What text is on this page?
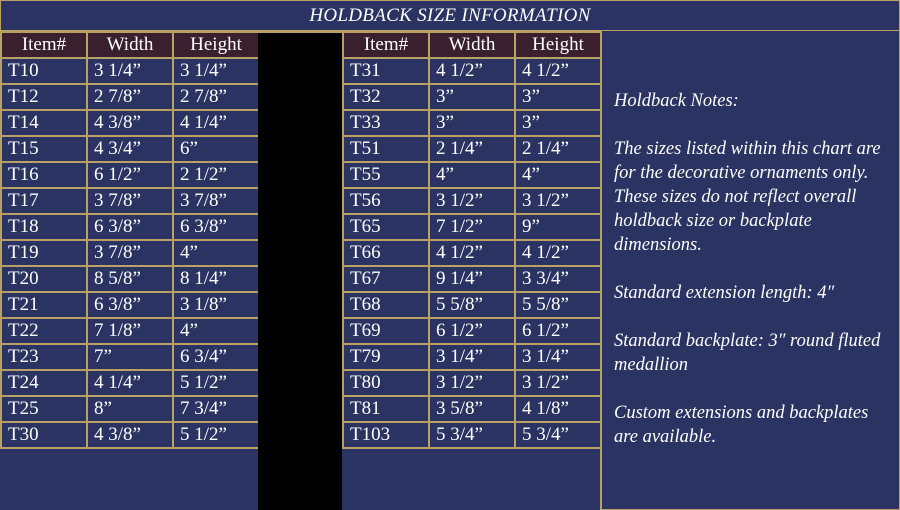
HOLDBACK SIZE INFORMATION
Item#	Width	Height
T10	3 1/4”	3 1/4”
T12	2 7/8”	2 7/8”
T14	4 3/8”	4 1/4”
T15	4 3/4”	6”
T16	6 1/2”	2 1/2”
T17	3 7/8”	3 7/8”
T18	6 3/8”	6 3/8”
T19	3 7/8”	4”
T20	8 5/8”	8 1/4”
T21	6 3/8”	3 1/8”
T22	7 1/8”	4”
T23	7”	6 3/4”
T24	4 1/4”	5 1/2”
T25	8”	7 3/4”
T30	4 3/8”	5 1/2”
Item#	Width	Height
T31	4 1/2”	4 1/2”
T32	3”	3”
T33	3”	3”
T51	2 1/4”	2 1/4”
T55	4”	4”
T56	3 1/2”	3 1/2”
T65	7 1/2”	9”
T66	4 1/2”	4 1/2”
T67	9 1/4”	3 3/4”
T68	5 5/8”	5 5/8”
T69	6 1/2”	6 1/2”
T79	3 1/4”	3 1/4”
T80	3 1/2”	3 1/2”
T81	3 5/8”	4 1/8”
T103	5 3/4”	5 3/4”

Holdback Notes:

The sizes listed within this chart are for the decorative ornaments only. These sizes do not reflect overall holdback size or backplate dimensions.

Standard extension length: 4″

Standard backplate: 3″ round fluted medallion

Custom extensions and backplates are available.
